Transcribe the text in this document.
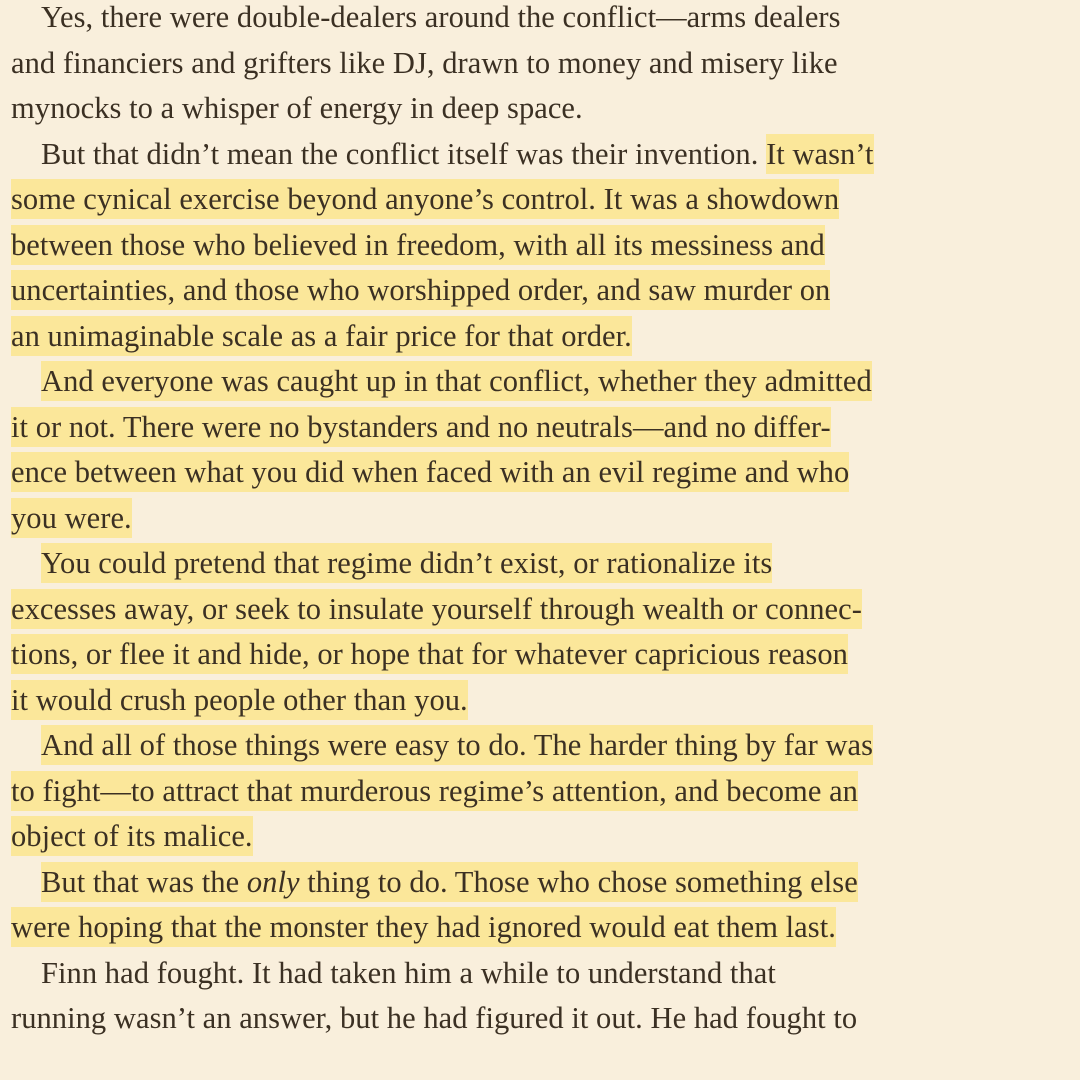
Yes, there were double-dealers around the conflict—arms dealers
and financiers and grifters like DJ, drawn to money and misery like
mynocks to a whisper of energy in deep space.
But that didn’t mean the conflict itself was their invention. It wasn’t
some cynical exercise beyond anyone’s control. It was a showdown
between those who believed in freedom, with all its messiness and
uncertainties, and those who worshipped order, and saw murder on
an unimaginable scale as a fair price for that order.
And everyone was caught up in that conflict, whether they admitted
it or not. There were no bystanders and no neutrals—and no differ-
ence between what you did when faced with an evil regime and who
you were.
You could pretend that regime didn’t exist, or rationalize its
excesses away, or seek to insulate yourself through wealth or connec-
tions, or flee it and hide, or hope that for whatever capricious reason
it would crush people other than you.
And all of those things were easy to do. The harder thing by far was
to fight—to attract that murderous regime’s attention, and become an
object of its malice.
But that was the only thing to do. Those who chose something else
were hoping that the monster they had ignored would eat them last.
Finn had fought. It had taken him a while to understand that
running wasn’t an answer, but he had figured it out. He had fought to
